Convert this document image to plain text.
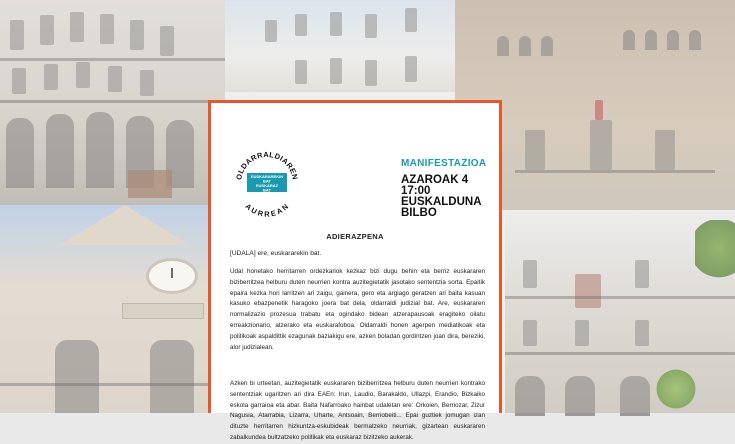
OLDARRALDIAREN
AURREAN
EUSKARAREKIN
BAT
EUSKARAZ
BAT
MANIFESTAZIOA
AZAROAK 4
17:00
EUSKALDUNA
BILBO
ADIERAZPENA
[UDALA] ere, euskararekin bat.
Udal honetako herritarren ordezkariok kezkaz bizi dugu behin eta berriz euskararen biziberritzea helburu duten neurrien kontra auzitegietatik jasotako sententzia sorta. Epaitik epaira kezka hori larritzen ari zaigu, gainera, gero eta argiago geratzen ari baita kasuan kasuko ebazpenetik haragoko joera bat dela, oldarraldi judizial bat. Are, euskararen normalizazio prozesua trabatu eta ogindako bidean atzerapausoak eragiteko oilatu erreakzionario, atzerako eta euskarafoboa. Oldarraldi honen agerpen mediatikoak eta politikoak aspaldittik ezagunak baziakigu ere, azken boladan gordintzen joan dira, bereziki, alor judizialean.
Azken bi urteetan, auzitegietatik euskararen biziberritzea helburu duten neurrien kontrako sententziak ugaritzen ari dira EAEn: Irun, Laudio, Barakaldo, Ullazpi, Erandio, Bizkaiko eskola garraioa eta abar. Baita Nafarroako hainbat udaletan ere: Orkoien, Berriozar, Zizur Nagusia, Atarrabia, Lizarra, Uharte, Antsoain, Berriobeiti... Epai guztiek jomugan izan dituzte herritarren hizkuntza-eskubideak bermatzeko neurriak, gizartean euskararen zabalkundea bultzatzeko politikak eta euskaraz bizitzeko aukerak.
